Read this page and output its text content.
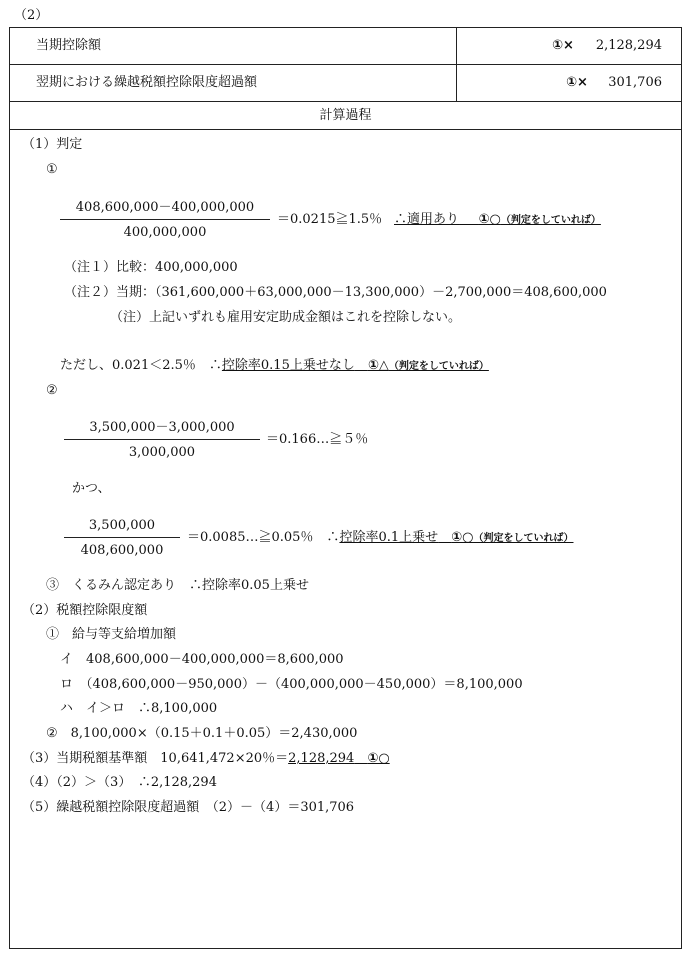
（2）
当期控除額	①×	2,128,294
翌期における繰越税額控除限度超過額	①×	301,706
計算過程
（1）判定
①
408,600,000－400,000,000
400,000,000
＝0.0215≧1.5％ ∴適用あり   ①○（判定をしていれば）
（注１）比較：400,000,000
（注２）当期：（361,600,000＋63,000,000－13,300,000）－2,700,000＝408,600,000
（注）上記いずれも雇用安定助成金額はこれを控除しない。
ただし、0.021＜2.5％　∴控除率0.15上乗せなし  ①△（判定をしていれば）
②
3,500,000－3,000,000
3,000,000
＝0.166…≧５％
かつ、
3,500,000
408,600,000
＝0.0085…≧0.05％　∴控除率0.1上乗せ  ①○（判定をしていれば）
③　くるみん認定あり　∴控除率0.05上乗せ
（2）税額控除限度額
①　給与等支給増加額
イ　408,600,000－400,000,000＝8,600,000
ロ　（408,600,000－950,000）－（400,000,000－450,000）＝8,100,000
ハ　イ＞ロ　∴8,100,000
②　8,100,000×（0.15＋0.1＋0.05）＝2,430,000
（3）当期税額基準額　10,641,472×20％＝2,128,294  ①○
（4）（2）＞（3）　∴2,128,294
（5）繰越税額控除限度超過額　（2）－（4）＝301,706
